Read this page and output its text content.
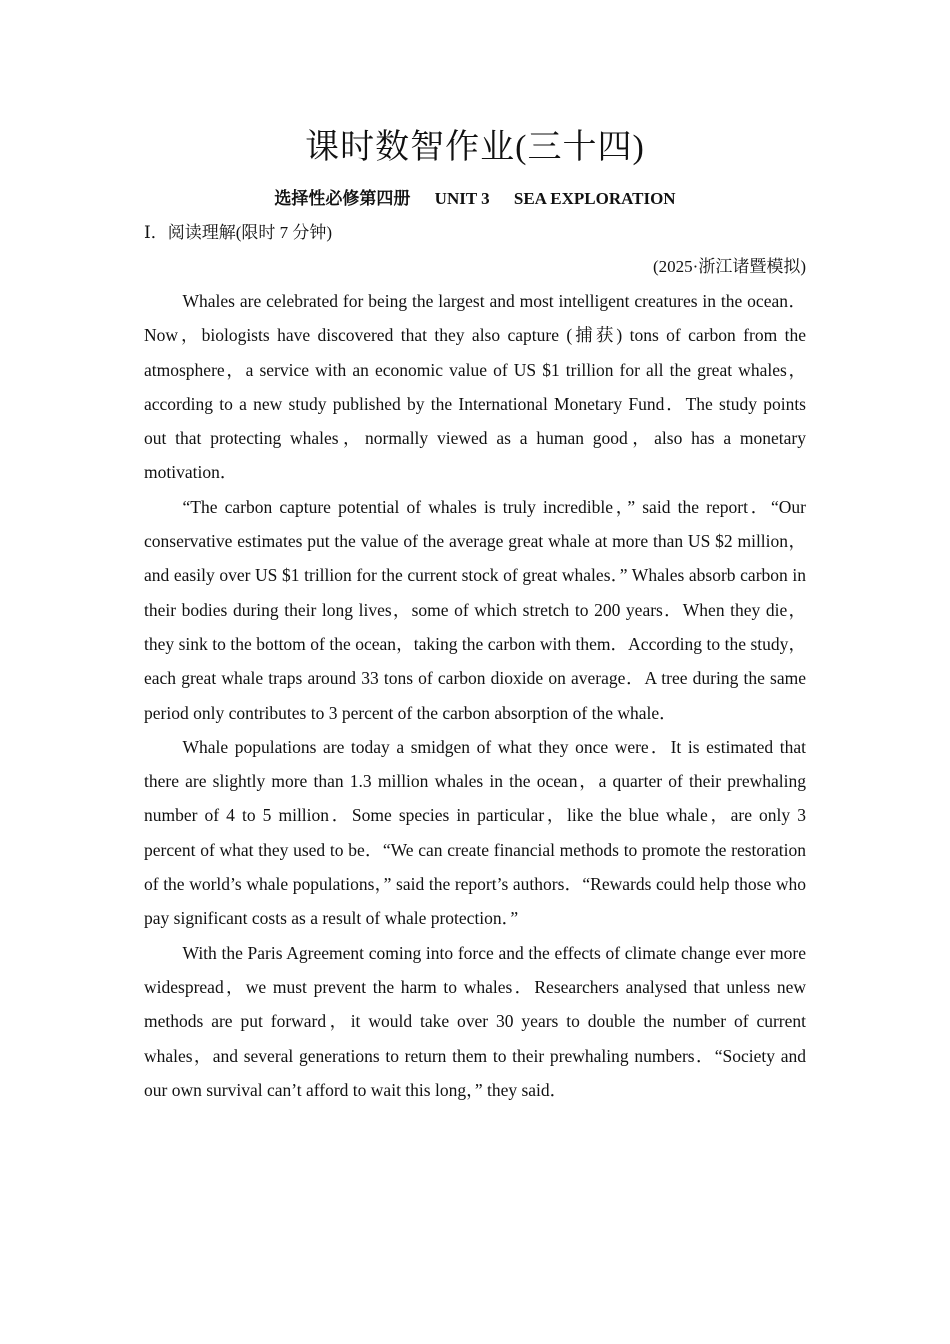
课时数智作业(三十四)
选择性必修第四册 UNIT 3 SEA EXPLORATION
Ⅰ．阅读理解(限时 7 分钟)
(2025·浙江诸暨模拟)

Whales are celebrated for being the largest and most intelligent creatures in the ocean．Now，biologists have discovered that they also capture (捕获) tons of carbon from the atmosphere，a service with an economic value of US $1 trillion for all the great whales，according to a new study published by the International Monetary Fund．The study points out that protecting whales，normally viewed as a human good，also has a monetary motivation．

“The carbon capture potential of whales is truly incredible，” said the report．“Our conservative estimates put the value of the average great whale at more than US $2 million，and easily over US $1 trillion for the current stock of great whales．” Whales absorb carbon in their bodies during their long lives，some of which stretch to 200 years．When they die，they sink to the bottom of the ocean，taking the carbon with them．According to the study，each great whale traps around 33 tons of carbon dioxide on average．A tree during the same period only contributes to 3 percent of the carbon absorption of the whale．

Whale populations are today a smidgen of what they once were．It is estimated that there are slightly more than 1.3 million whales in the ocean，a quarter of their prewhaling number of 4 to 5 million．Some species in particular，like the blue whale，are only 3 percent of what they used to be．“We can create financial methods to promote the restoration of the world’s whale populations，” said the report’s authors．“Rewards could help those who pay significant costs as a result of whale protection．”

With the Paris Agreement coming into force and the effects of climate change ever more widespread，we must prevent the harm to whales．Researchers analysed that unless new methods are put forward，it would take over 30 years to double the number of current whales，and several generations to return them to their prewhaling numbers．“Society and our own survival can’t afford to wait this long，” they said．
